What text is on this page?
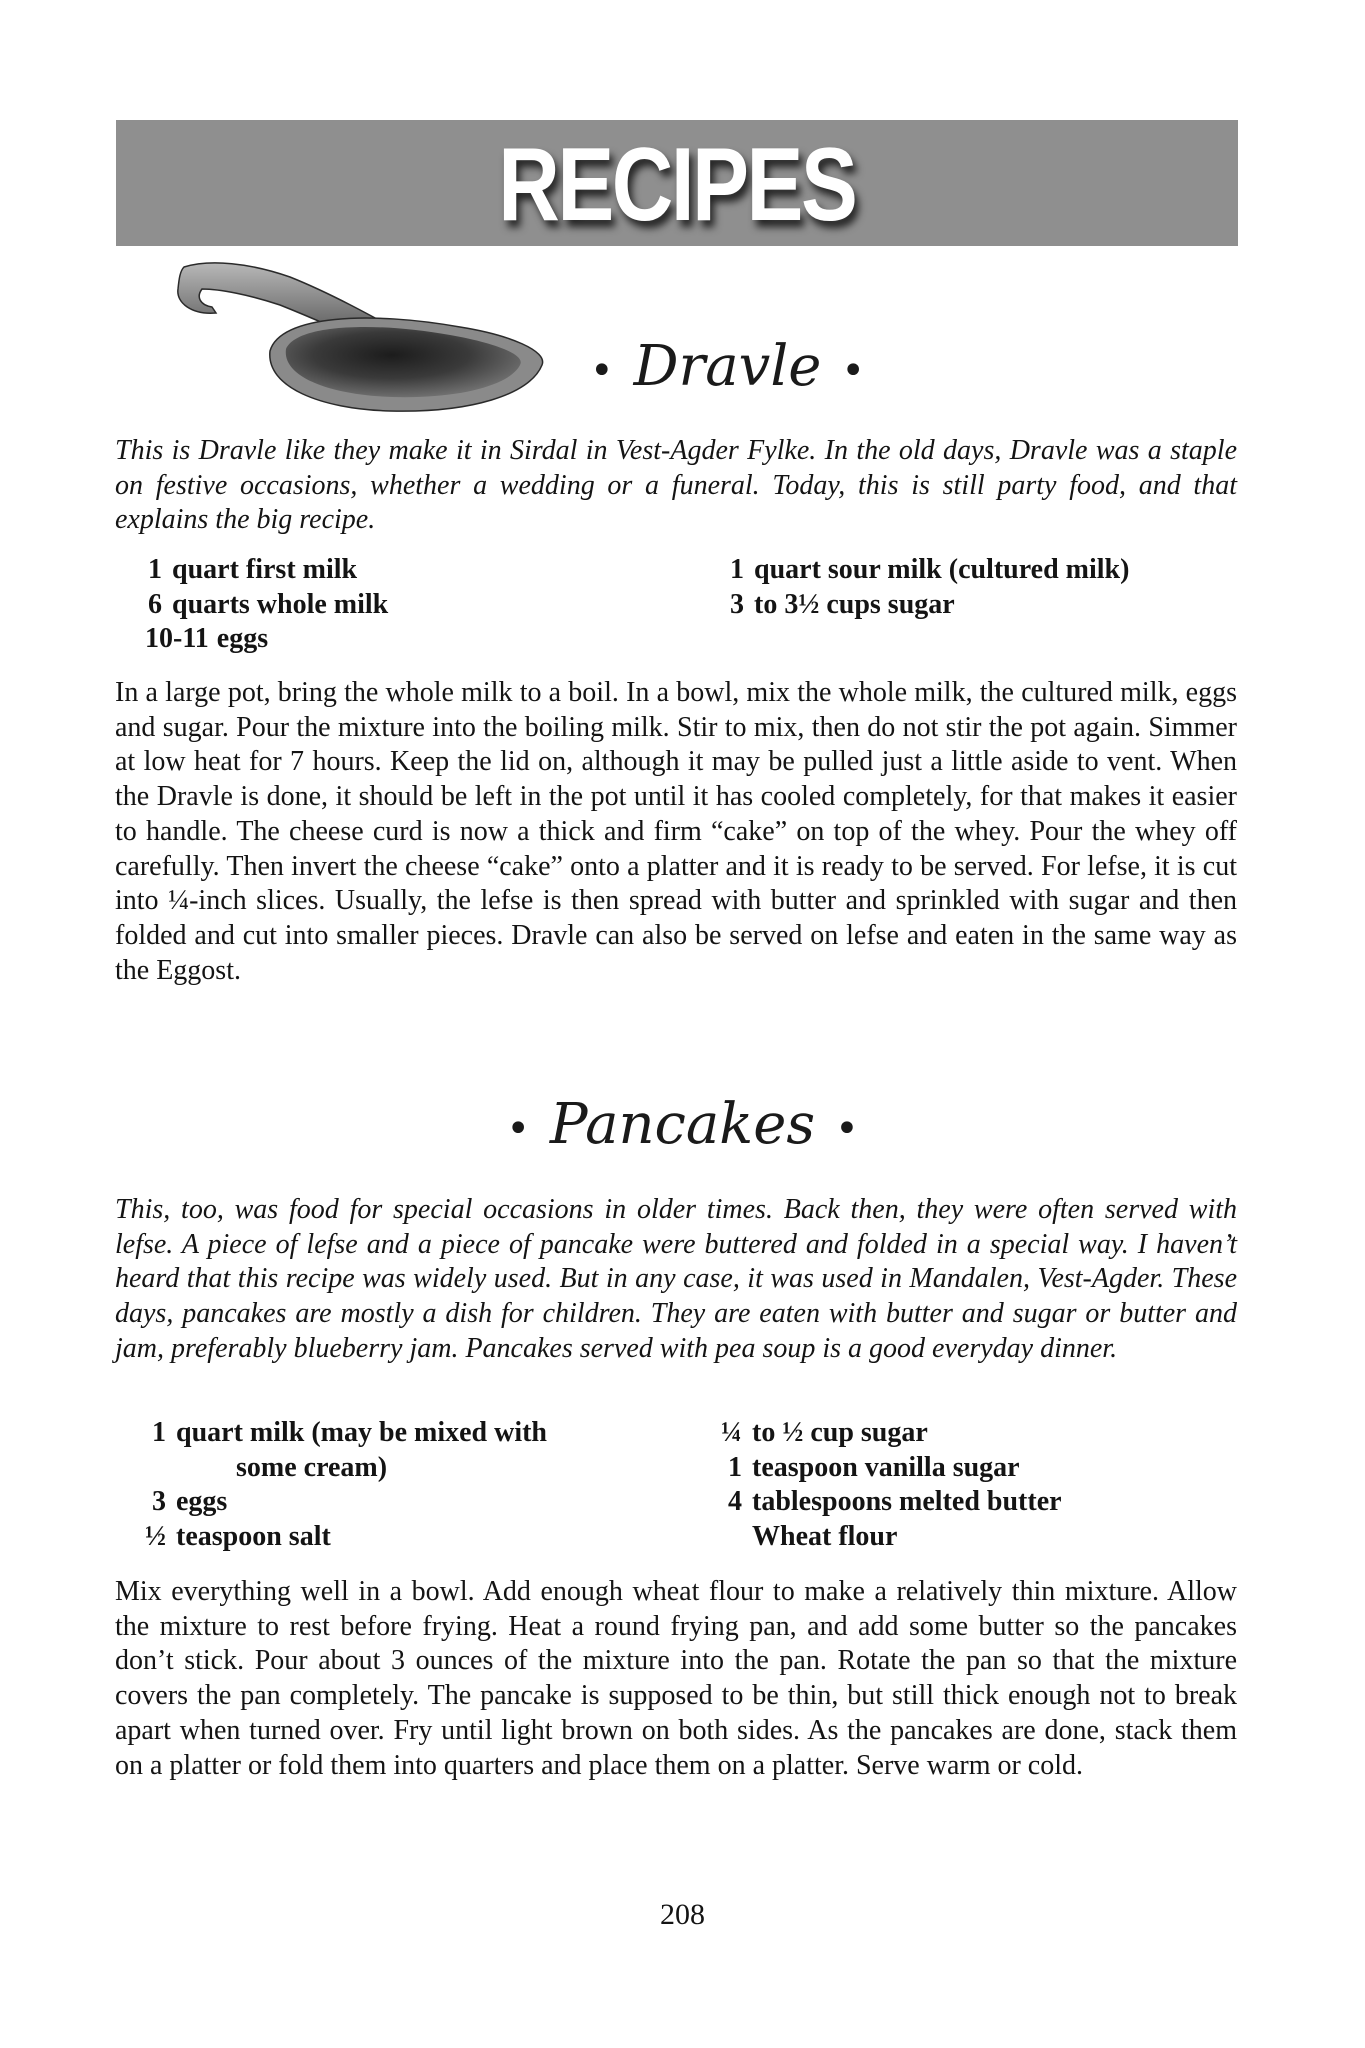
RECIPES
• Dravle •

This is Dravle like they make it in Sirdal in Vest-Agder Fylke. In the old days, Dravle was a staple on festive occasions, whether a wedding or a funeral. Today, this is still party food, and that explains the big recipe.

1 quart first milk
6 quarts whole milk
10-11 eggs
1 quart sour milk (cultured milk)
3 to 3½ cups sugar

In a large pot, bring the whole milk to a boil. In a bowl, mix the whole milk, the cultured milk, eggs and sugar. Pour the mixture into the boiling milk. Stir to mix, then do not stir the pot again. Simmer at low heat for 7 hours. Keep the lid on, although it may be pulled just a little aside to vent. When the Dravle is done, it should be left in the pot until it has cooled completely, for that makes it easier to handle. The cheese curd is now a thick and firm “cake” on top of the whey. Pour the whey off carefully. Then invert the cheese “cake” onto a platter and it is ready to be served. For lefse, it is cut into ¼-inch slices. Usually, the lefse is then spread with butter and sprinkled with sugar and then folded and cut into smaller pieces. Dravle can also be served on lefse and eaten in the same way as the Eggost.

• Pancakes •

This, too, was food for special occasions in older times. Back then, they were often served with lefse. A piece of lefse and a piece of pancake were buttered and folded in a special way. I haven’t heard that this recipe was widely used. But in any case, it was used in Mandalen, Vest-Agder. These days, pancakes are mostly a dish for children. They are eaten with butter and sugar or butter and jam, preferably blueberry jam. Pancakes served with pea soup is a good everyday dinner.

1 quart milk (may be mixed with
some cream)
3 eggs
½ teaspoon salt
¼ to ½ cup sugar
1 teaspoon vanilla sugar
4 tablespoons melted butter
Wheat flour

Mix everything well in a bowl. Add enough wheat flour to make a relatively thin mixture. Allow the mixture to rest before frying. Heat a round frying pan, and add some butter so the pancakes don’t stick. Pour about 3 ounces of the mixture into the pan. Rotate the pan so that the mixture covers the pan completely. The pancake is supposed to be thin, but still thick enough not to break apart when turned over. Fry until light brown on both sides. As the pancakes are done, stack them on a platter or fold them into quarters and place them on a platter. Serve warm or cold.

208
